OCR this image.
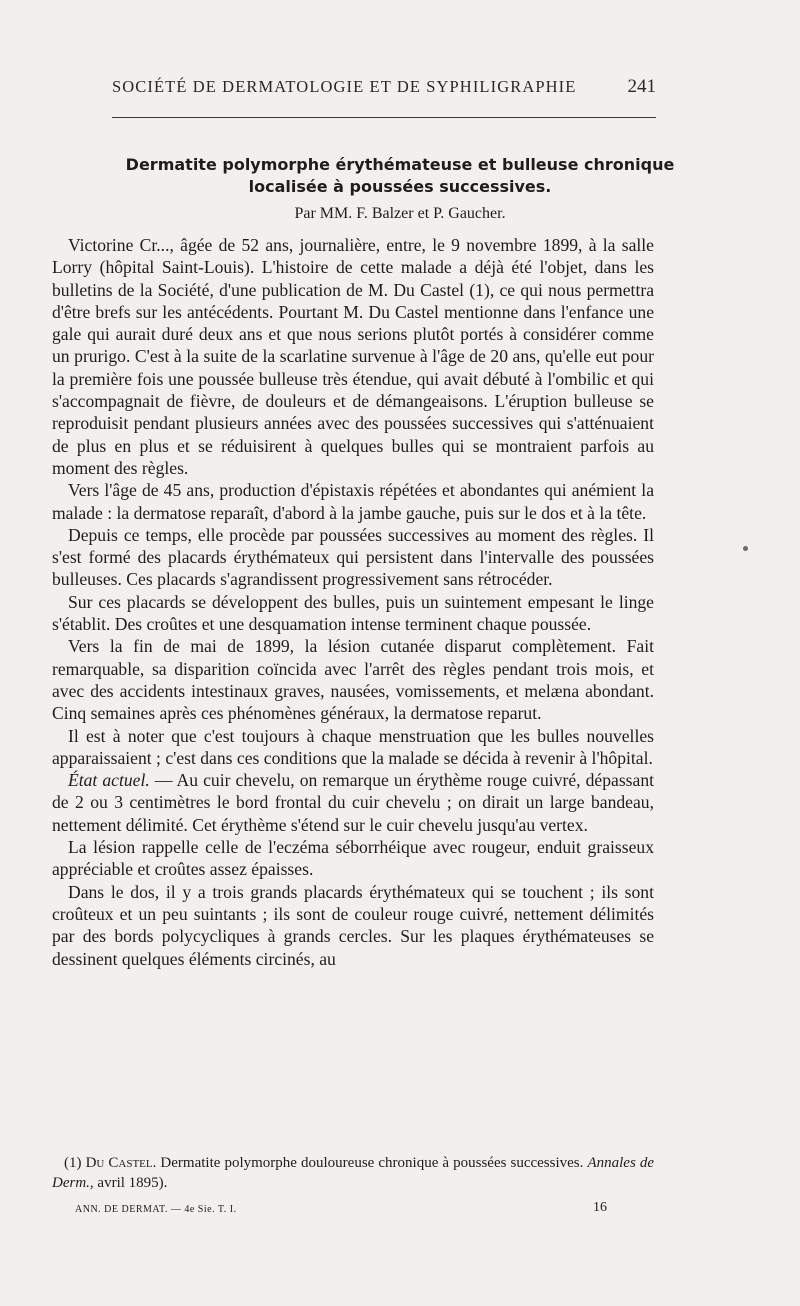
SOCIÉTÉ DE DERMATOLOGIE ET DE SYPHILIGRAPHIE	241
Dermatite polymorphe érythémateuse et bulleuse chronique
localisée à poussées successives.
Par MM. F. Balzer et P. Gaucher.

Victorine Cr..., âgée de 52 ans, journalière, entre, le 9 novembre 1899, à la salle Lorry (hôpital Saint-Louis). L'histoire de cette malade a déjà été l'objet, dans les bulletins de la Société, d'une publication de M. Du Castel (1), ce qui nous permettra d'être brefs sur les antécédents. Pourtant M. Du Castel mentionne dans l'enfance une gale qui aurait duré deux ans et que nous serions plutôt portés à considérer comme un prurigo. C'est à la suite de la scarlatine survenue à l'âge de 20 ans, qu'elle eut pour la première fois une poussée bulleuse très étendue, qui avait débuté à l'ombilic et qui s'accompagnait de fièvre, de douleurs et de démangeaisons. L'éruption bulleuse se reproduisit pendant plusieurs années avec des poussées successives qui s'atténuaient de plus en plus et se réduisirent à quelques bulles qui se montraient parfois au moment des règles.

Vers l'âge de 45 ans, production d'épistaxis répétées et abondantes qui anémient la malade : la dermatose reparaît, d'abord à la jambe gauche, puis sur le dos et à la tête.

Depuis ce temps, elle procède par poussées successives au moment des règles. Il s'est formé des placards érythémateux qui persistent dans l'intervalle des poussées bulleuses. Ces placards s'agrandissent progressivement sans rétrocéder.

Sur ces placards se développent des bulles, puis un suintement empesant le linge s'établit. Des croûtes et une desquamation intense terminent chaque poussée.

Vers la fin de mai de 1899, la lésion cutanée disparut complètement. Fait remarquable, sa disparition coïncida avec l'arrêt des règles pendant trois mois, et avec des accidents intestinaux graves, nausées, vomissements, et melæna abondant. Cinq semaines après ces phénomènes généraux, la dermatose reparut.

Il est à noter que c'est toujours à chaque menstruation que les bulles nouvelles apparaissaient ; c'est dans ces conditions que la malade se décida à revenir à l'hôpital.

État actuel. — Au cuir chevelu, on remarque un érythème rouge cuivré, dépassant de 2 ou 3 centimètres le bord frontal du cuir chevelu ; on dirait un large bandeau, nettement délimité. Cet érythème s'étend sur le cuir chevelu jusqu'au vertex.

La lésion rappelle celle de l'eczéma séborrhéique avec rougeur, enduit graisseux appréciable et croûtes assez épaisses.

Dans le dos, il y a trois grands placards érythémateux qui se touchent ; ils sont croûteux et un peu suintants ; ils sont de couleur rouge cuivré, nettement délimités par des bords polycycliques à grands cercles. Sur les plaques érythémateuses se dessinent quelques éléments circinés, au

(1) Du Castel. Dermatite polymorphe douloureuse chronique à poussées successives. Annales de Derm., avril 1895).
ANN. DE DERMAT. — 4e Sie. T. I.	16
